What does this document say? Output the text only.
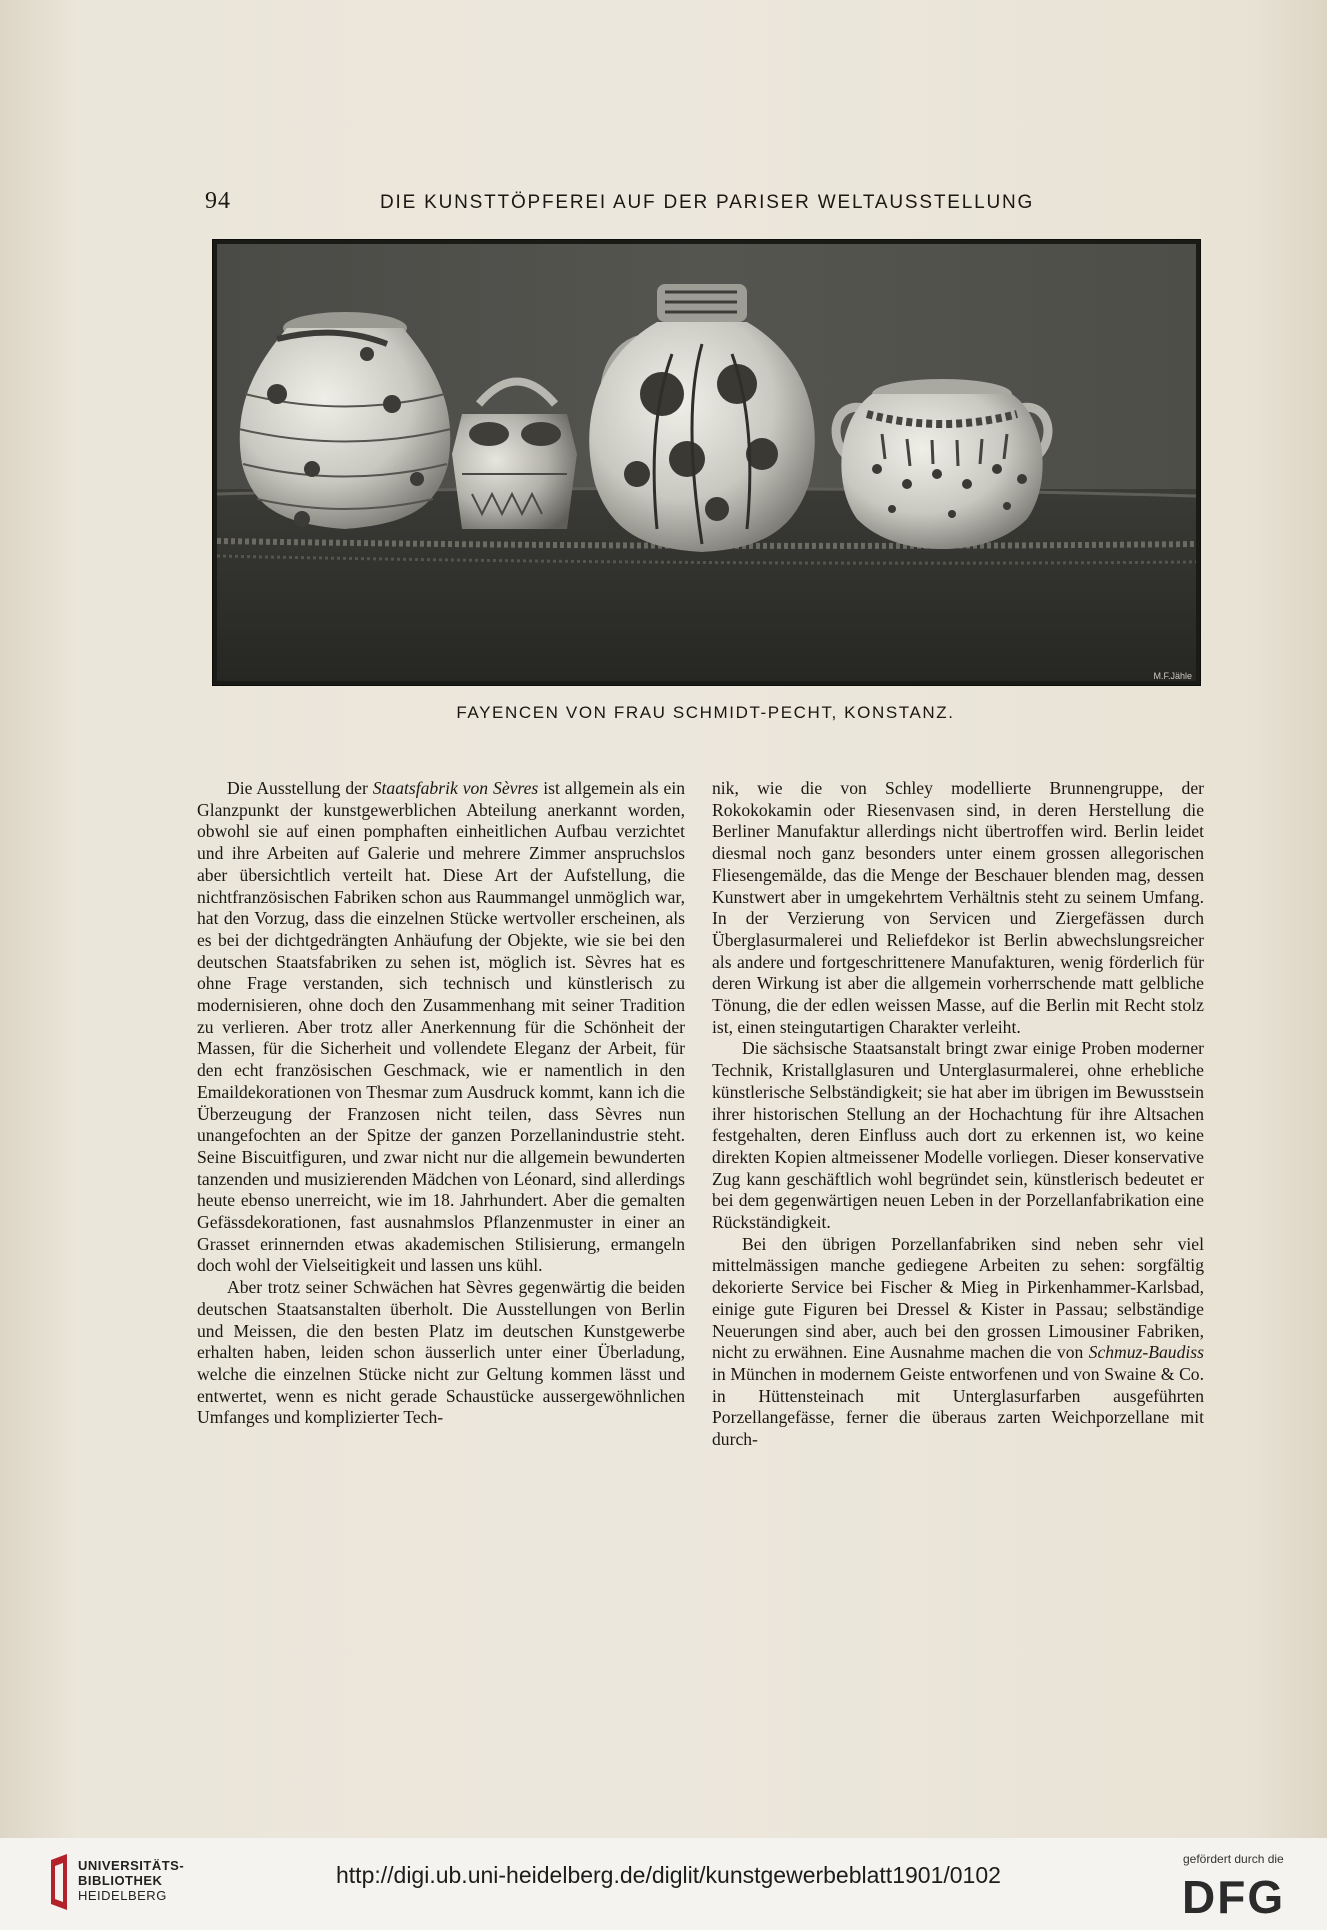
94	DIE KUNSTTÖPFEREI AUF DER PARISER WELTAUSSTELLUNG
M.F.Jähle
FAYENCEN VON FRAU SCHMIDT-PECHT, KONSTANZ.

Die Ausstellung der Staatsfabrik von Sèvres ist allgemein als ein Glanzpunkt der kunstgewerblichen Abteilung anerkannt worden, obwohl sie auf einen pomphaften einheitlichen Aufbau verzichtet und ihre Arbeiten auf Galerie und mehrere Zimmer anspruchslos aber übersichtlich verteilt hat. Diese Art der Aufstellung, die nichtfranzösischen Fabriken schon aus Raummangel unmöglich war, hat den Vorzug, dass die einzelnen Stücke wertvoller erscheinen, als es bei der dichtgedrängten Anhäufung der Objekte, wie sie bei den deutschen Staatsfabriken zu sehen ist, möglich ist. Sèvres hat es ohne Frage verstanden, sich technisch und künstlerisch zu modernisieren, ohne doch den Zusammenhang mit seiner Tradition zu verlieren. Aber trotz aller Anerkennung für die Schönheit der Massen, für die Sicherheit und vollendete Eleganz der Arbeit, für den echt französischen Geschmack, wie er namentlich in den Emaildekorationen von Thesmar zum Ausdruck kommt, kann ich die Überzeugung der Franzosen nicht teilen, dass Sèvres nun unangefochten an der Spitze der ganzen Porzellanindustrie steht. Seine Biscuitfiguren, und zwar nicht nur die allgemein bewunderten tanzenden und musizierenden Mädchen von Léonard, sind allerdings heute ebenso unerreicht, wie im 18. Jahrhundert. Aber die gemalten Gefässdekorationen, fast ausnahmslos Pflanzenmuster in einer an Grasset erinnernden etwas akademischen Stilisierung, ermangeln doch wohl der Vielseitigkeit und lassen uns kühl.

Aber trotz seiner Schwächen hat Sèvres gegenwärtig die beiden deutschen Staatsanstalten überholt. Die Ausstellungen von Berlin und Meissen, die den besten Platz im deutschen Kunstgewerbe erhalten haben, leiden schon äusserlich unter einer Überladung, welche die einzelnen Stücke nicht zur Geltung kommen lässt und entwertet, wenn es nicht gerade Schaustücke aussergewöhnlichen Umfanges und komplizierter Tech-

nik, wie die von Schley modellierte Brunnengruppe, der Rokokokamin oder Riesenvasen sind, in deren Herstellung die Berliner Manufaktur allerdings nicht übertroffen wird. Berlin leidet diesmal noch ganz besonders unter einem grossen allegorischen Fliesengemälde, das die Menge der Beschauer blenden mag, dessen Kunstwert aber in umgekehrtem Verhältnis steht zu seinem Umfang. In der Verzierung von Servicen und Ziergefässen durch Überglasurmalerei und Reliefdekor ist Berlin abwechslungsreicher als andere und fortgeschrittenere Manufakturen, wenig förderlich für deren Wirkung ist aber die allgemein vorherrschende matt gelbliche Tönung, die der edlen weissen Masse, auf die Berlin mit Recht stolz ist, einen steingutartigen Charakter verleiht.

Die sächsische Staatsanstalt bringt zwar einige Proben moderner Technik, Kristallglasuren und Unterglasurmalerei, ohne erhebliche künstlerische Selbständigkeit; sie hat aber im übrigen im Bewusstsein ihrer historischen Stellung an der Hochachtung für ihre Altsachen festgehalten, deren Einfluss auch dort zu erkennen ist, wo keine direkten Kopien altmeissener Modelle vorliegen. Dieser konservative Zug kann geschäftlich wohl begründet sein, künstlerisch bedeutet er bei dem gegenwärtigen neuen Leben in der Porzellanfabrikation eine Rückständigkeit.

Bei den übrigen Porzellanfabriken sind neben sehr viel mittelmässigen manche gediegene Arbeiten zu sehen: sorgfältig dekorierte Service bei Fischer & Mieg in Pirkenhammer-Karlsbad, einige gute Figuren bei Dressel & Kister in Passau; selbständige Neuerungen sind aber, auch bei den grossen Limousiner Fabriken, nicht zu erwähnen. Eine Ausnahme machen die von Schmuz-Baudiss in München in modernem Geiste entworfenen und von Swaine & Co. in Hüttensteinach mit Unterglasurfarben ausgeführten Porzellangefässe, ferner die überaus zarten Weichporzellane mit durch-

UNIVERSITÄTS-
BIBLIOTHEK
HEIDELBERG
http://digi.ub.uni-heidelberg.de/diglit/kunstgewerbeblatt1901/0102
gefördert durch die
DFG
